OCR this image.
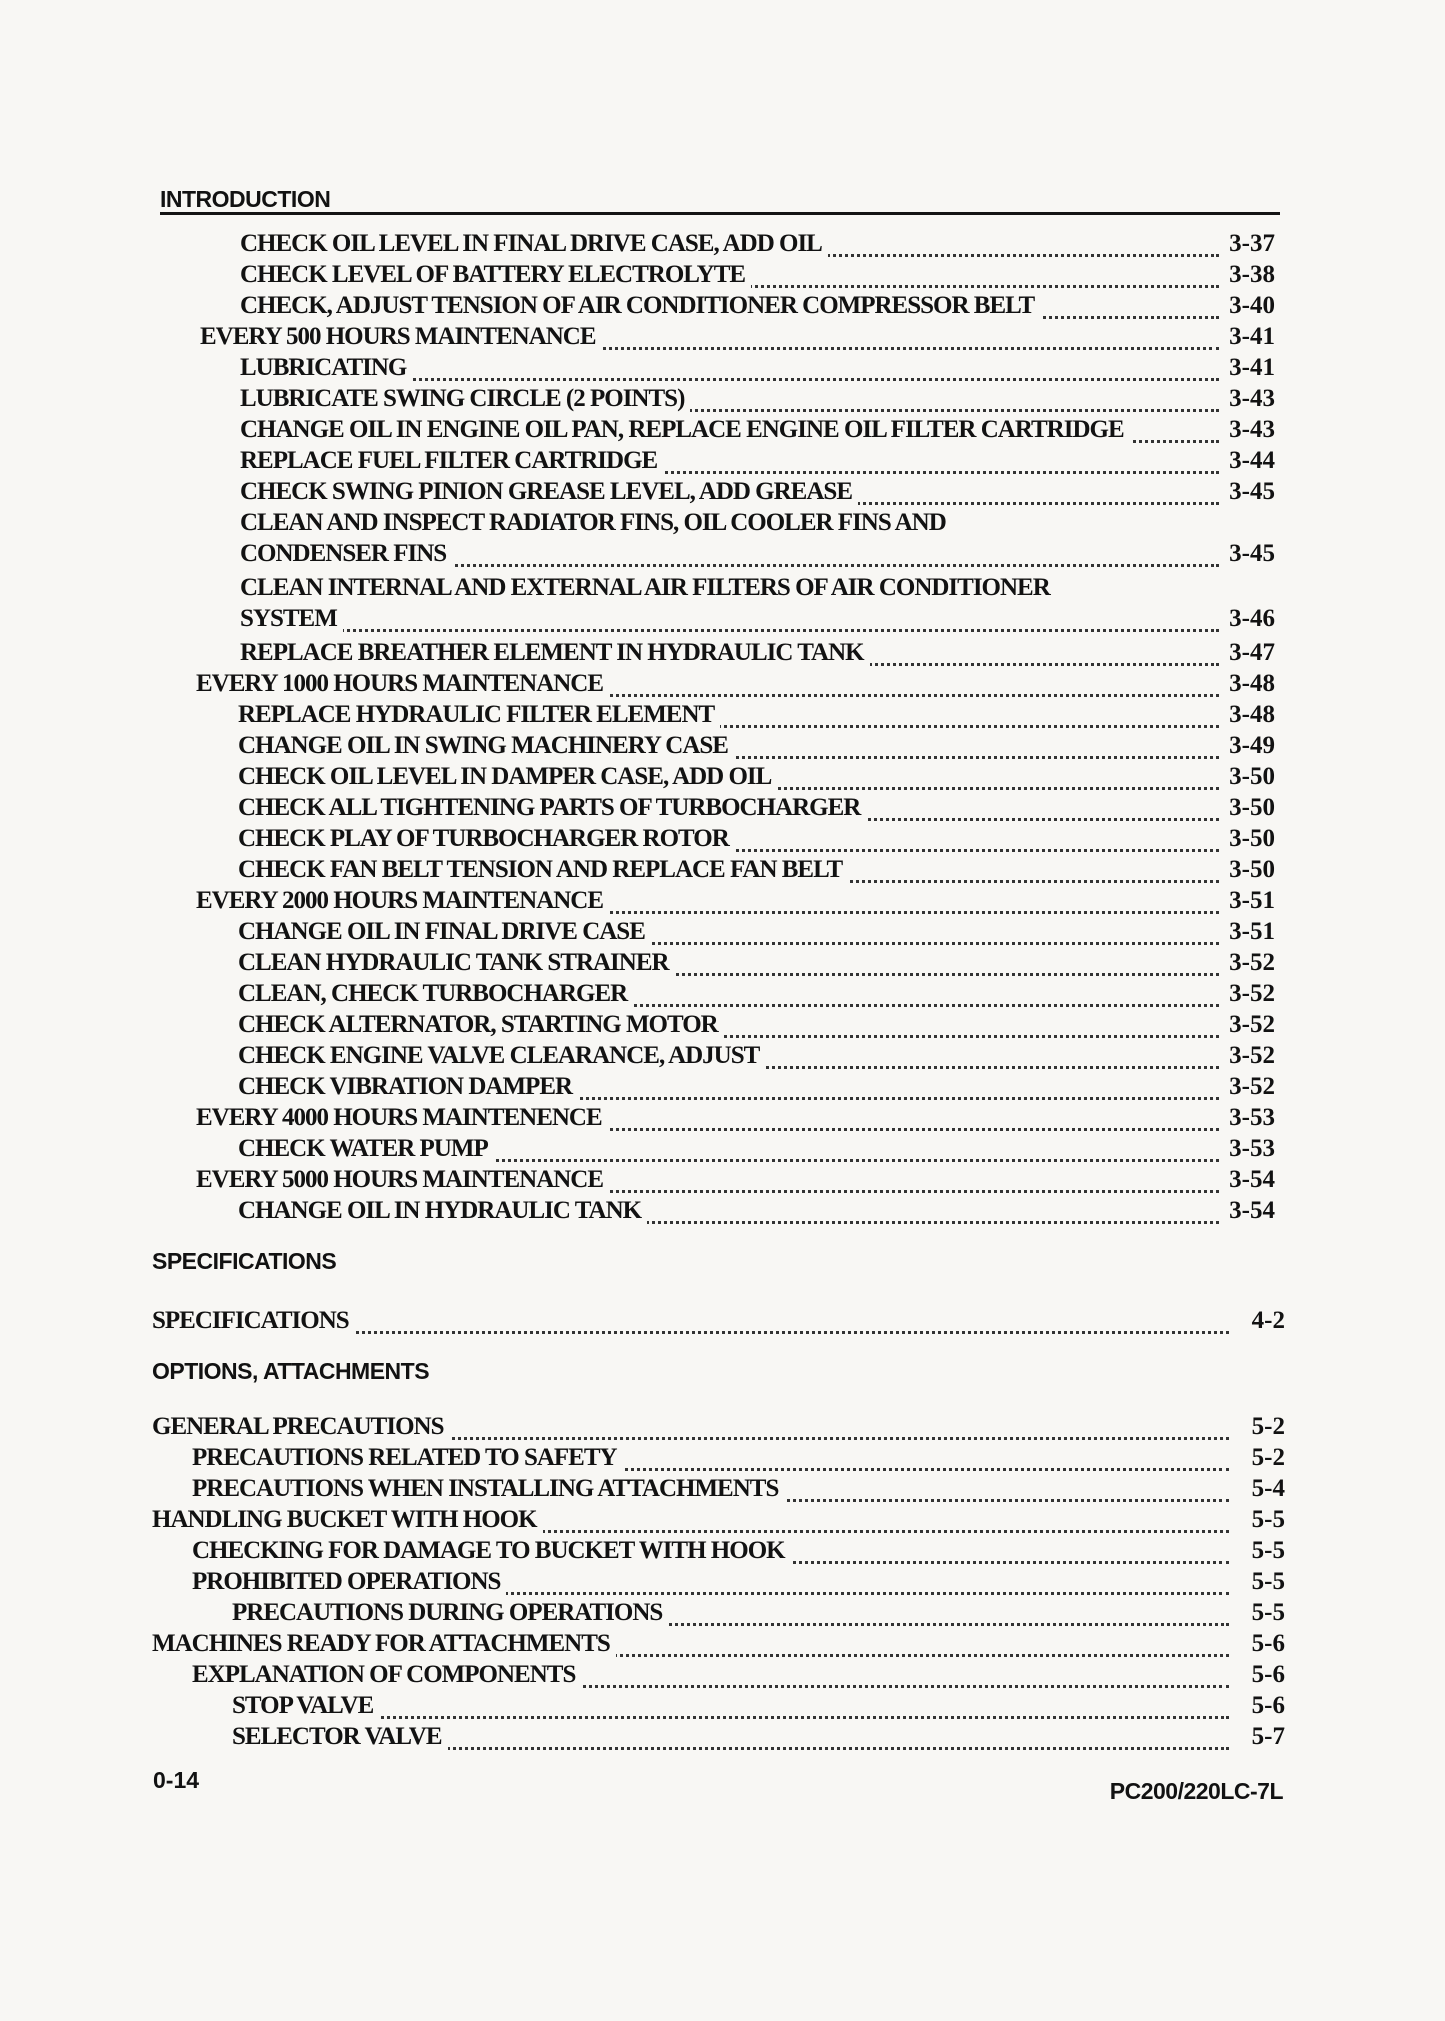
INTRODUCTION
CHECK OIL LEVEL IN FINAL DRIVE CASE, ADD OIL	3-37
CHECK LEVEL OF BATTERY ELECTROLYTE	3-38
CHECK, ADJUST TENSION OF AIR CONDITIONER COMPRESSOR BELT	3-40
EVERY 500 HOURS MAINTENANCE	3-41
LUBRICATING	3-41
LUBRICATE SWING CIRCLE (2 POINTS)	3-43
CHANGE OIL IN ENGINE OIL PAN, REPLACE ENGINE OIL FILTER CARTRIDGE	3-43
REPLACE FUEL FILTER CARTRIDGE	3-44
CHECK SWING PINION GREASE LEVEL, ADD GREASE	3-45
CLEAN AND INSPECT RADIATOR FINS, OIL COOLER FINS AND
CONDENSER FINS	3-45
CLEAN INTERNAL AND EXTERNAL AIR FILTERS OF AIR CONDITIONER
SYSTEM	3-46
REPLACE BREATHER ELEMENT IN HYDRAULIC TANK	3-47
EVERY 1000 HOURS MAINTENANCE	3-48
REPLACE HYDRAULIC FILTER ELEMENT	3-48
CHANGE OIL IN SWING MACHINERY CASE	3-49
CHECK OIL LEVEL IN DAMPER CASE, ADD OIL	3-50
CHECK ALL TIGHTENING PARTS OF TURBOCHARGER	3-50
CHECK PLAY OF TURBOCHARGER ROTOR	3-50
CHECK FAN BELT TENSION AND REPLACE FAN BELT	3-50
EVERY 2000 HOURS MAINTENANCE	3-51
CHANGE OIL IN FINAL DRIVE CASE	3-51
CLEAN HYDRAULIC TANK STRAINER	3-52
CLEAN, CHECK TURBOCHARGER	3-52
CHECK ALTERNATOR, STARTING MOTOR	3-52
CHECK ENGINE VALVE CLEARANCE, ADJUST	3-52
CHECK VIBRATION DAMPER	3-52
EVERY 4000 HOURS MAINTENENCE	3-53
CHECK WATER PUMP	3-53
EVERY 5000 HOURS MAINTENANCE	3-54
CHANGE OIL IN HYDRAULIC TANK	3-54
SPECIFICATIONS
SPECIFICATIONS	4-2
OPTIONS, ATTACHMENTS
GENERAL PRECAUTIONS	5-2
PRECAUTIONS RELATED TO SAFETY	5-2
PRECAUTIONS WHEN INSTALLING ATTACHMENTS	5-4
HANDLING BUCKET WITH HOOK	5-5
CHECKING FOR DAMAGE TO BUCKET WITH HOOK	5-5
PROHIBITED OPERATIONS	5-5
PRECAUTIONS DURING OPERATIONS	5-5
MACHINES READY FOR ATTACHMENTS	5-6
EXPLANATION OF COMPONENTS	5-6
STOP VALVE	5-6
SELECTOR VALVE	5-7
0-14	PC200/220LC-7L
